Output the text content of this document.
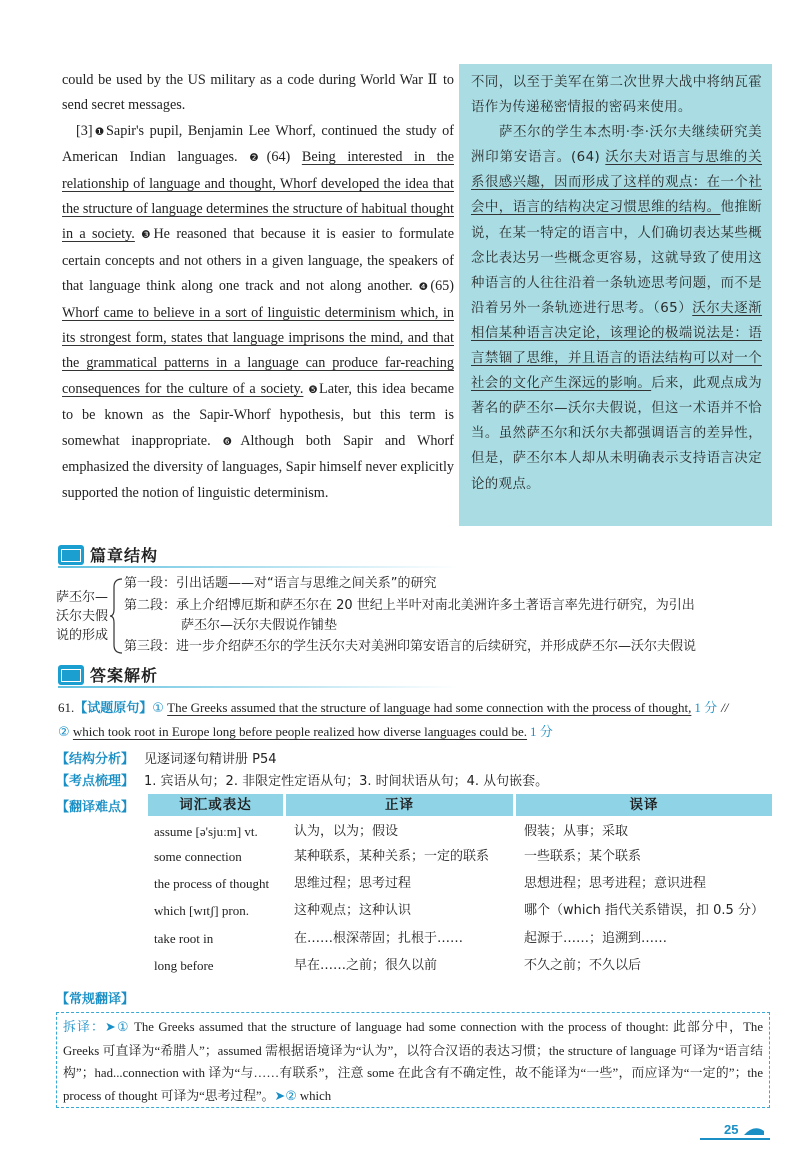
could be used by the US military as a code during World War Ⅱ to send secret messages.

[3]❶Sapir's pupil, Benjamin Lee Whorf, continued the study of American Indian languages. ❷(64) Being interested in the relationship of language and thought, Whorf developed the idea that the structure of language determines the structure of habitual thought in a society. ❸He reasoned that because it is easier to formulate certain concepts and not others in a given language, the speakers of that language think along one track and not along another. ❹(65) Whorf came to believe in a sort of linguistic determinism which, in its strongest form, states that language imprisons the mind, and that the grammatical patterns in a language can produce far-reaching consequences for the culture of a society. ❺Later, this idea became to be known as the Sapir-Whorf hypothesis, but this term is somewhat inappropriate. ❻Although both Sapir and Whorf emphasized the diversity of languages, Sapir himself never explicitly supported the notion of linguistic determinism.

不同，以至于美军在第二次世界大战中将纳瓦霍语作为传递秘密情报的密码来使用。

萨丕尔的学生本杰明·李·沃尔夫继续研究美洲印第安语言。(64) 沃尔夫对语言与思维的关系很感兴趣，因而形成了这样的观点：在一个社会中，语言的结构决定习惯思维的结构。他推断说，在某一特定的语言中，人们确切表达某些概念比表达另一些概念更容易，这就导致了使用这种语言的人往往沿着一条轨迹思考问题，而不是沿着另外一条轨迹进行思考。（65）沃尔夫逐渐相信某种语言决定论，该理论的极端说法是：语言禁锢了思维，并且语言的语法结构可以对一个社会的文化产生深远的影响。后来，此观点成为著名的萨丕尔—沃尔夫假说，但这一术语并不恰当。虽然萨丕尔和沃尔夫都强调语言的差异性，但是，萨丕尔本人却从未明确表示支持语言决定论的观点。

篇章结构
萨丕尔—沃尔夫假说的形成
第一段：引出话题——对“语言与思维之间关系”的研究
第二段：承上介绍博厄斯和萨丕尔在 20 世纪上半叶对南北美洲许多土著语言率先进行研究，为引出
萨丕尔—沃尔夫假说作铺垫
第三段：进一步介绍萨丕尔的学生沃尔夫对美洲印第安语言的后续研究，并形成萨丕尔—沃尔夫假说
答案解析
61.【试题原句】① The Greeks assumed that the structure of language had some connection with the process of thought, 1 分 //
② which took root in Europe long before people realized how diverse languages could be. 1 分
【结构分析】 见逐词逐句精讲册 P54
【考点梳理】 1. 宾语从句；2. 非限定性定语从句；3. 时间状语从句；4. 从句嵌套。
【翻译难点】	词汇或表达	正译	误译
assume [ə'sjuːm] vt.	认为，以为；假设	假装；从事；采取
some connection	某种联系，某种关系；一定的联系	一些联系；某个联系
the process of thought 思维过程；思考过程	思想进程；思考进程；意识进程
which [wɪtʃ] pron.	这种观点；这种认识	哪个（which 指代关系错误，扣 0.5 分）
take root in	在……根深蒂固；扎根于……	起源于……；追溯到……
long before	早在……之前；很久以前	不久之前；不久以后
【常规翻译】
拆译：➤① The Greeks assumed that the structure of language had some connection with the process of thought: 此部分中，The Greeks 可直译为“希腊人”；assumed 需根据语境译为“认为”，以符合汉语的表达习惯；the structure of language 可译为“语言结构”；had...connection with 译为“与……有联系”，注意 some 在此含有不确定性，故不能译为“一些”，而应译为“一定的”；the process of thought 可译为“思考过程”。➤② which
25
